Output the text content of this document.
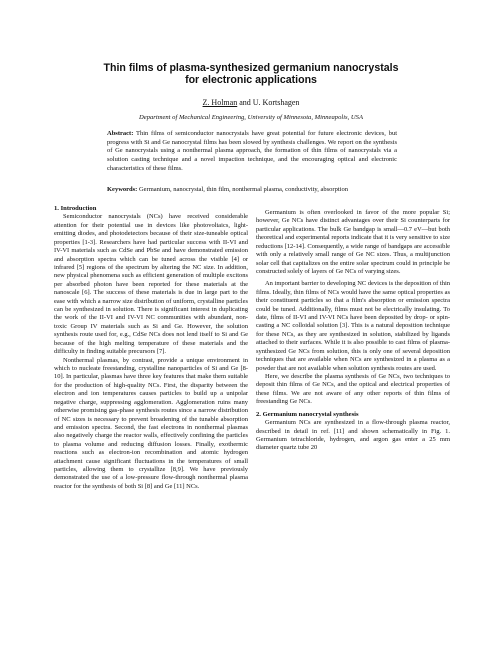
Thin films of plasma-synthesized germanium nanocrystals
for electronic applications
Z. Holman and U. Kortshagen
Department of Mechanical Engineering, University of Minnesota, Minneapolis, USA

Abstract: Thin films of semiconductor nanocrystals have great potential for future electronic devices, but progress with Si and Ge nanocrystal films has been slowed by synthesis challenges. We report on the synthesis of Ge nanocrystals using a nonthermal plasma approach, the formation of thin films of nanocrystals via a solution casting technique and a novel impaction technique, and the encouraging optical and electronic characteristics of these films.

Keywords: Germanium, nanocrystal, thin film, nonthermal plasma, conductivity, absorption

1. Introduction

Semiconductor nanocrystals (NCs) have received considerable attention for their potential use in devices like photovoltaics, light-emitting diodes, and photodetectors because of their size-tuneable optical properties [1-3]. Researchers have had particular success with II-VI and IV-VI materials such as CdSe and PbSe and have demonstrated emission and absorption spectra which can be tuned across the visible [4] or infrared [5] regions of the spectrum by altering the NC size. In addition, new physical phenomena such as efficient generation of multiple excitons per absorbed photon have been reported for these materials at the nanoscale [6]. The success of these materials is due in large part to the ease with which a narrow size distribution of uniform, crystalline particles can be synthesized in solution. There is significant interest in duplicating the work of the II-VI and IV-VI NC communities with abundant, non-toxic Group IV materials such as Si and Ge. However, the solution synthesis route used for, e.g., CdSe NCs does not lend itself to Si and Ge because of the high melting temperature of these materials and the difficulty in finding suitable precursors [7].

Nonthermal plasmas, by contrast, provide a unique environment in which to nucleate freestanding, crystalline nanoparticles of Si and Ge [8-10]. In particular, plasmas have three key features that make them suitable for the production of high-quality NCs. First, the disparity between the electron and ion temperatures causes particles to build up a unipolar negative charge, suppressing agglomeration. Agglomeration ruins many otherwise promising gas-phase synthesis routes since a narrow distribution of NC sizes is necessary to prevent broadening of the tunable absorption and emission spectra. Second, the fast electrons in nonthermal plasmas also negatively charge the reactor walls, effectively confining the particles to plasma volume and reducing diffusion losses. Finally, exothermic reactions such as electron-ion recombination and atomic hydrogen attachment cause significant fluctuations in the temperatures of small particles, allowing them to crystallize [8,9]. We have previously demonstrated the use of a low-pressure flow-through nonthermal plasma reactor for the synthesis of both Si [8] and Ge [11] NCs.

Germanium is often overlooked in favor of the more popular Si; however, Ge NCs have distinct advantages over their Si counterparts for particular applications. The bulk Ge bandgap is small—0.7 eV—but both theoretical and experimental reports indicate that it is very sensitive to size reductions [12-14]. Consequently, a wide range of bandgaps are accessible with only a relatively small range of Ge NC sizes. Thus, a multijunction solar cell that capitalizes on the entire solar spectrum could in principle be constructed solely of layers of Ge NCs of varying sizes.

An important barrier to developing NC devices is the deposition of thin films. Ideally, thin films of NCs would have the same optical properties as their constituent particles so that a film's absorption or emission spectra could be tuned. Additionally, films must not be electrically insulating. To date, films of II-VI and IV-VI NCs have been deposited by drop- or spin-casting a NC colloidal solution [3]. This is a natural deposition technique for these NCs, as they are synthesized in solution, stabilized by ligands attached to their surfaces. While it is also possible to cast films of plasma-synthesized Ge NCs from solution, this is only one of several deposition techniques that are available when NCs are synthesized in a plasma as a powder that are not available when solution synthesis routes are used.

Here, we describe the plasma synthesis of Ge NCs, two techniques to deposit thin films of Ge NCs, and the optical and electrical properties of these films. We are not aware of any other reports of thin films of freestanding Ge NCs.

2. Germanium nanocrystal synthesis

Germanium NCs are synthesized in a flow-through plasma reactor, described in detail in ref. [11] and shown schematically in Fig. 1. Germanium tetrachloride, hydrogen, and argon gas enter a 25 mm diameter quartz tube 20
